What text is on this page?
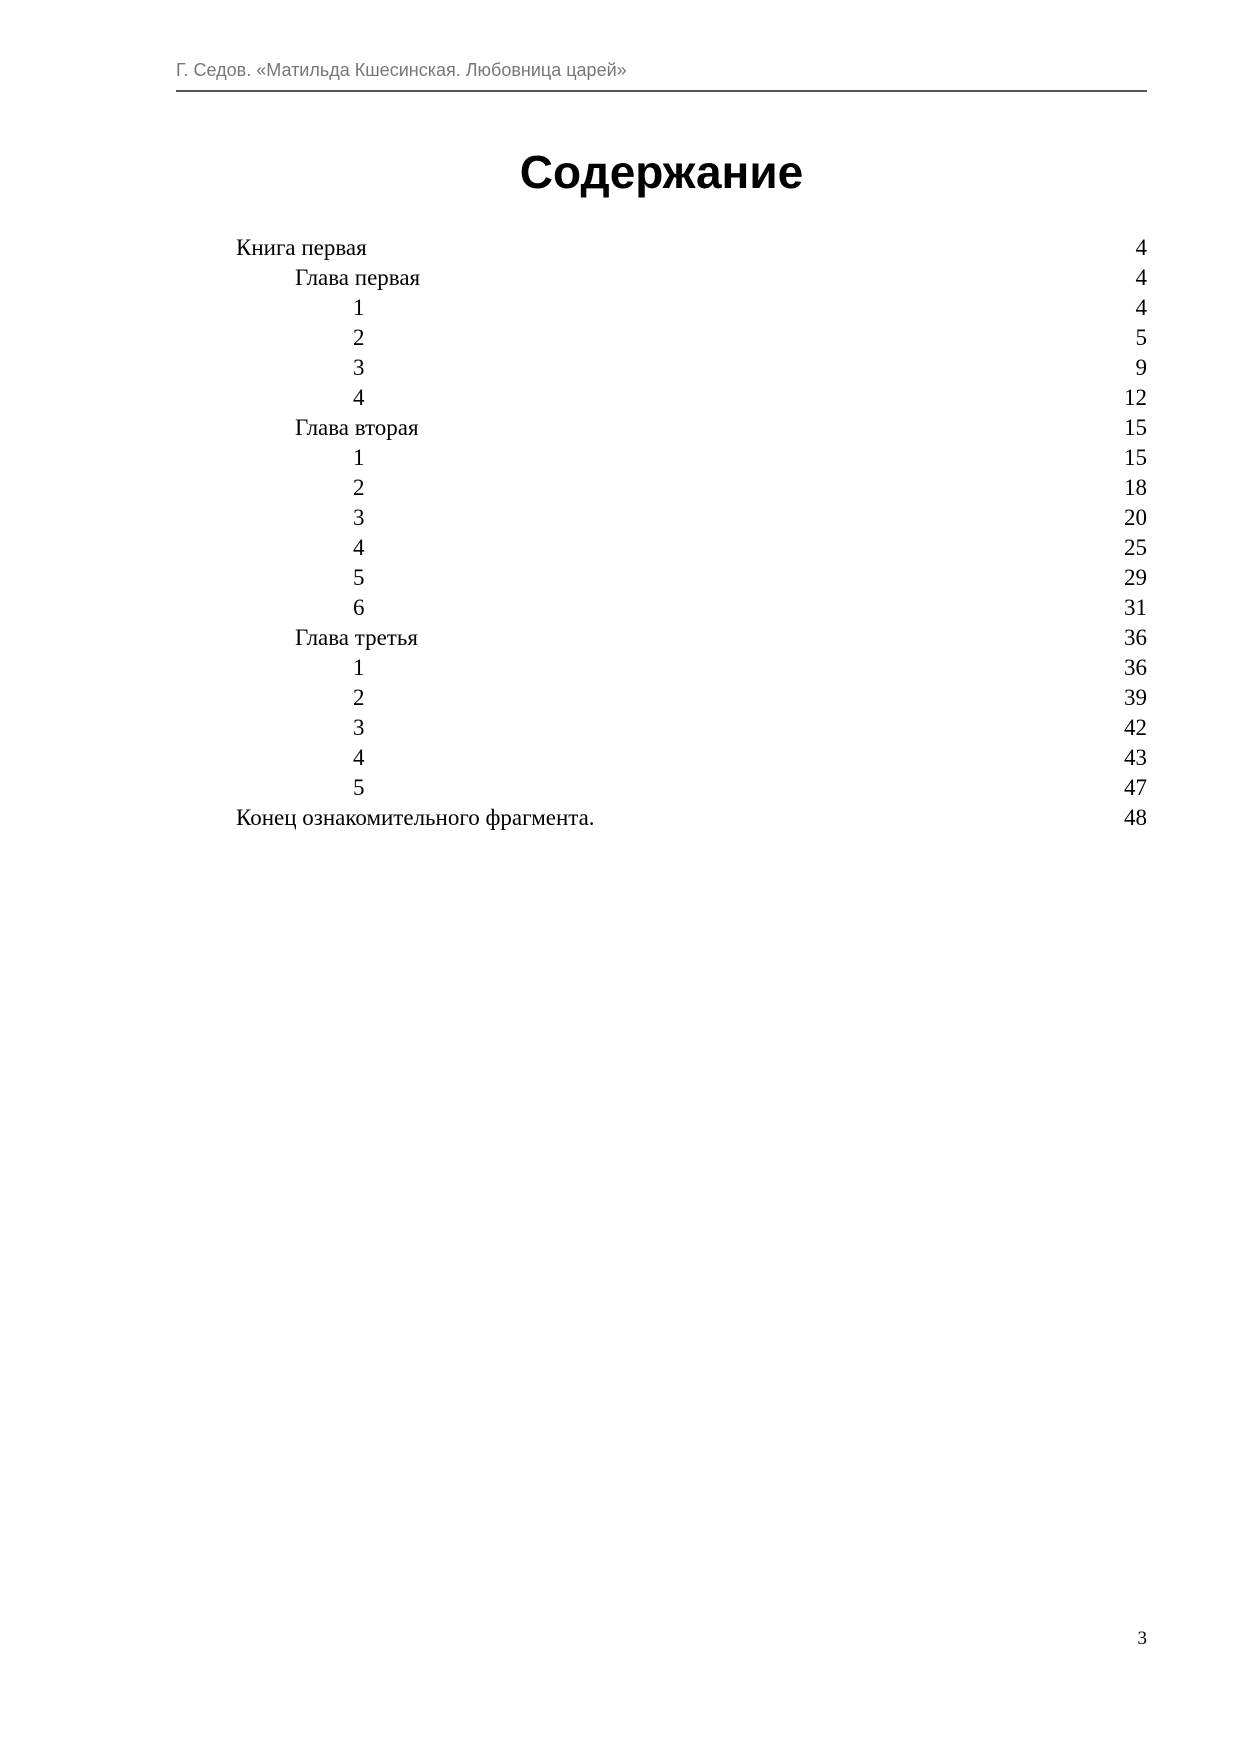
Г. Седов. «Матильда Кшесинская. Любовница царей»
Содержание
Книга первая	4
Глава первая	4
1	4
2	5
3	9
4	12
Глава вторая	15
1	15
2	18
3	20
4	25
5	29
6	31
Глава третья	36
1	36
2	39
3	42
4	43
5	47
Конец ознакомительного фрагмента.	48
3
